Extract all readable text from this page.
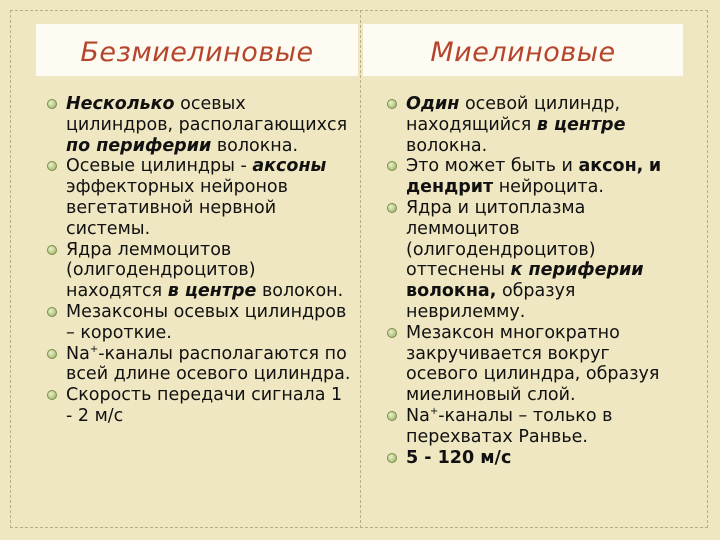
Безмиелиновые	Миелиновые
Несколько осевых цилиндров, располагающихся по периферии волокна.
Осевые цилиндры - аксоны эффекторных нейронов вегетативной нервной системы.
Ядра леммоцитов (олигодендроцитов) находятся в центре волокон.
Мезаксоны осевых цилиндров – короткие.
Na+-каналы располагаются по всей длине осевого цилиндра.
Скорость передачи сигнала 1 - 2 м/с
Один осевой цилиндр, находящийся в центре волокна.
Это может быть и аксон, и дендрит нейроцита.
Ядра и цитоплазма леммоцитов (олигодендроцитов) оттеснены к периферии волокна, образуя неврилемму.
Мезаксон многократно закручивается вокруг осевого цилиндра, образуя миелиновый слой.
Na+-каналы – только в перехватах Ранвье.
5 - 120 м/с
